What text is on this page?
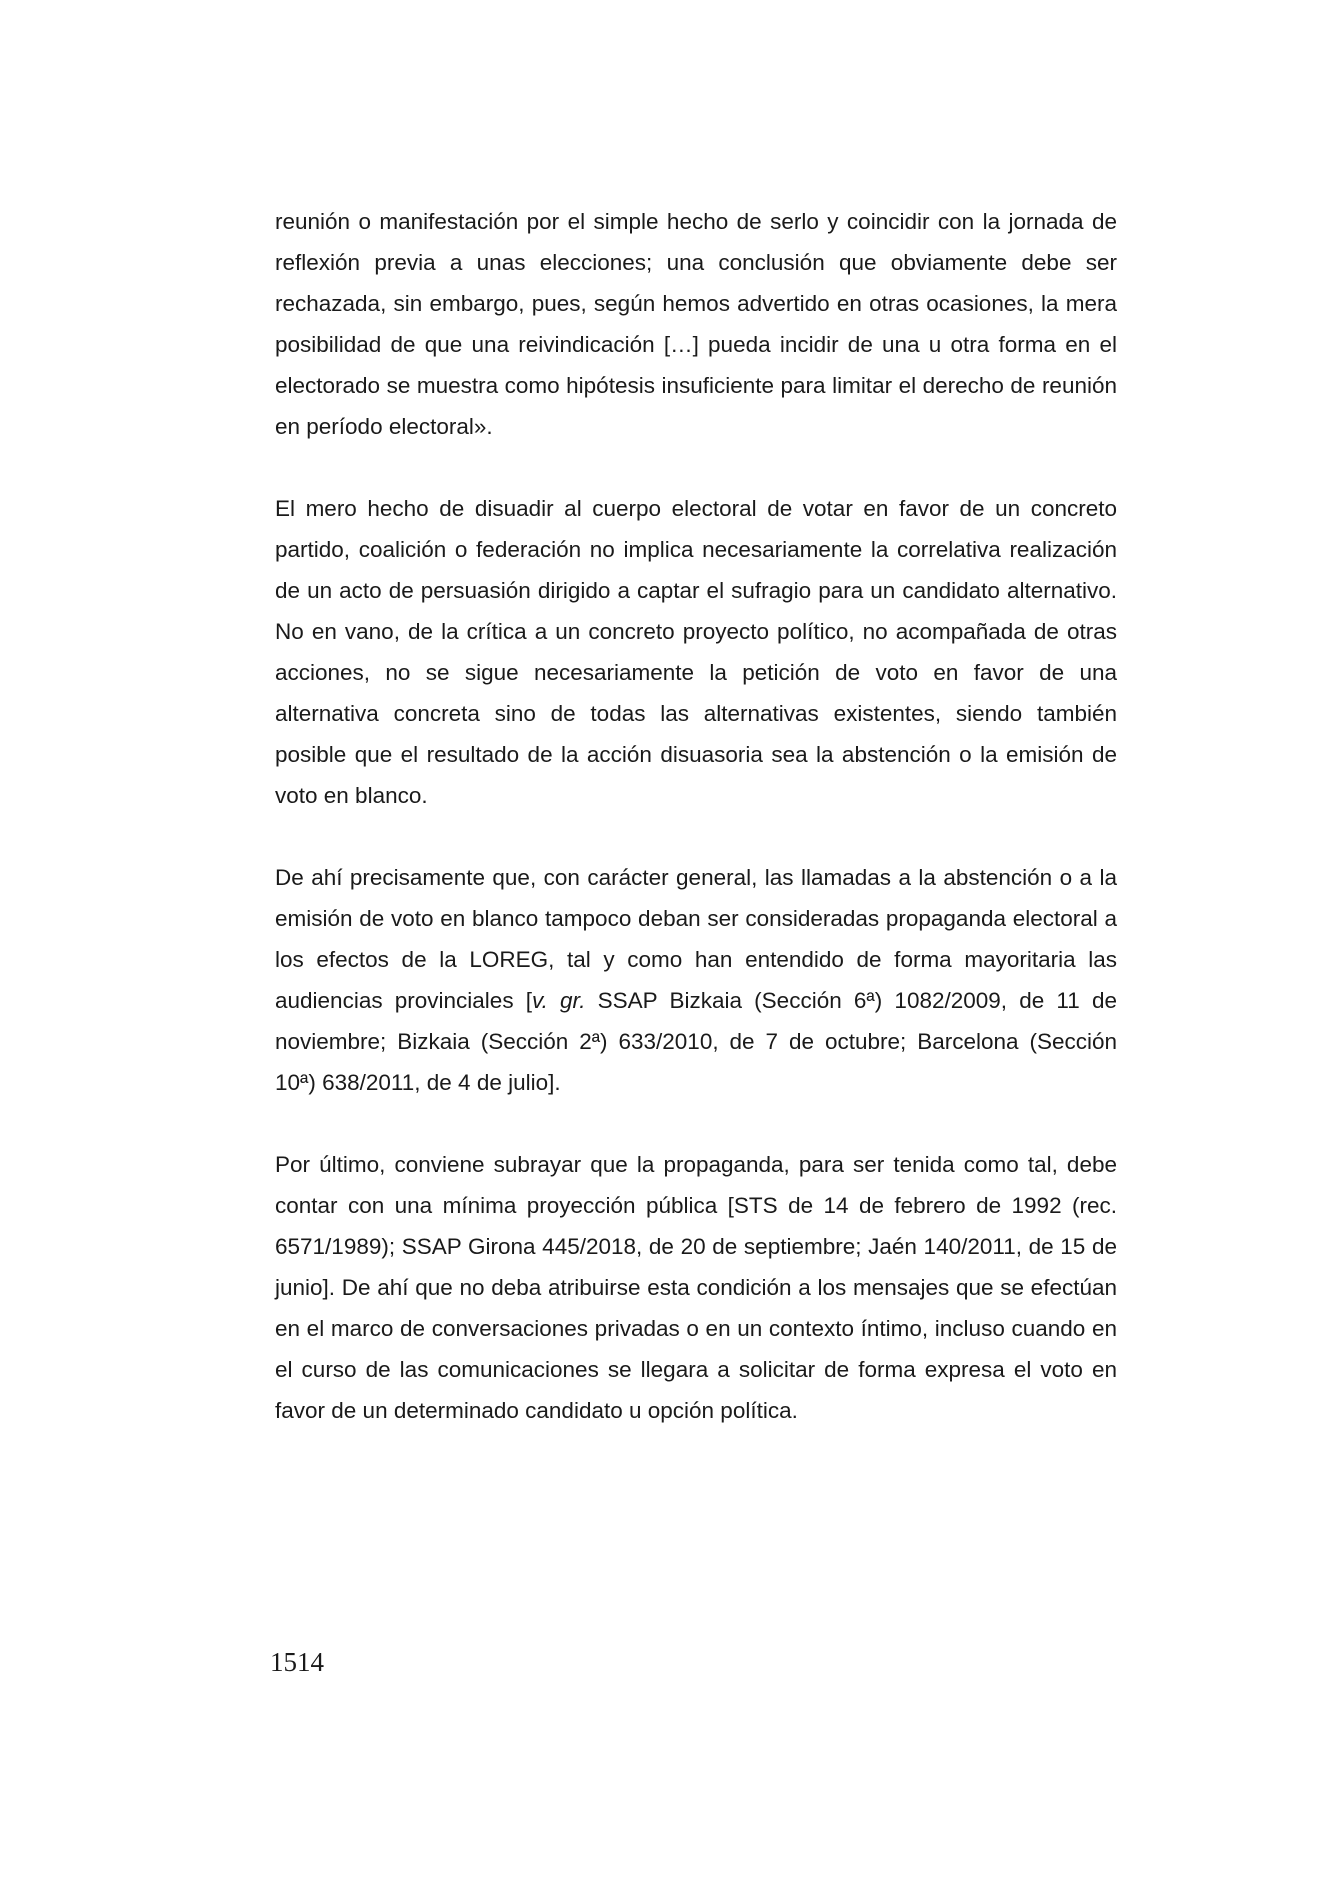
reunión o manifestación por el simple hecho de serlo y coincidir con la jornada de reflexión previa a unas elecciones; una conclusión que obviamente debe ser rechazada, sin embargo, pues, según hemos advertido en otras ocasiones, la mera posibilidad de que una reivindicación […] pueda incidir de una u otra forma en el electorado se muestra como hipótesis insuficiente para limitar el derecho de reunión en período electoral».

El mero hecho de disuadir al cuerpo electoral de votar en favor de un concreto partido, coalición o federación no implica necesariamente la correlativa realización de un acto de persuasión dirigido a captar el sufragio para un candidato alternativo. No en vano, de la crítica a un concreto proyecto político, no acompañada de otras acciones, no se sigue necesariamente la petición de voto en favor de una alternativa concreta sino de todas las alternativas existentes, siendo también posible que el resultado de la acción disuasoria sea la abstención o la emisión de voto en blanco.

De ahí precisamente que, con carácter general, las llamadas a la abstención o a la emisión de voto en blanco tampoco deban ser consideradas propaganda electoral a los efectos de la LOREG, tal y como han entendido de forma mayoritaria las audiencias provinciales [v. gr. SSAP Bizkaia (Sección 6ª) 1082/2009, de 11 de noviembre; Bizkaia (Sección 2ª) 633/2010, de 7 de octubre; Barcelona (Sección 10ª) 638/2011, de 4 de julio].

Por último, conviene subrayar que la propaganda, para ser tenida como tal, debe contar con una mínima proyección pública [STS de 14 de febrero de 1992 (rec. 6571/1989); SSAP Girona 445/2018, de 20 de septiembre; Jaén 140/2011, de 15 de junio]. De ahí que no deba atribuirse esta condición a los mensajes que se efectúan en el marco de conversaciones privadas o en un contexto íntimo, incluso cuando en el curso de las comunicaciones se llegara a solicitar de forma expresa el voto en favor de un determinado candidato u opción política.

1514
